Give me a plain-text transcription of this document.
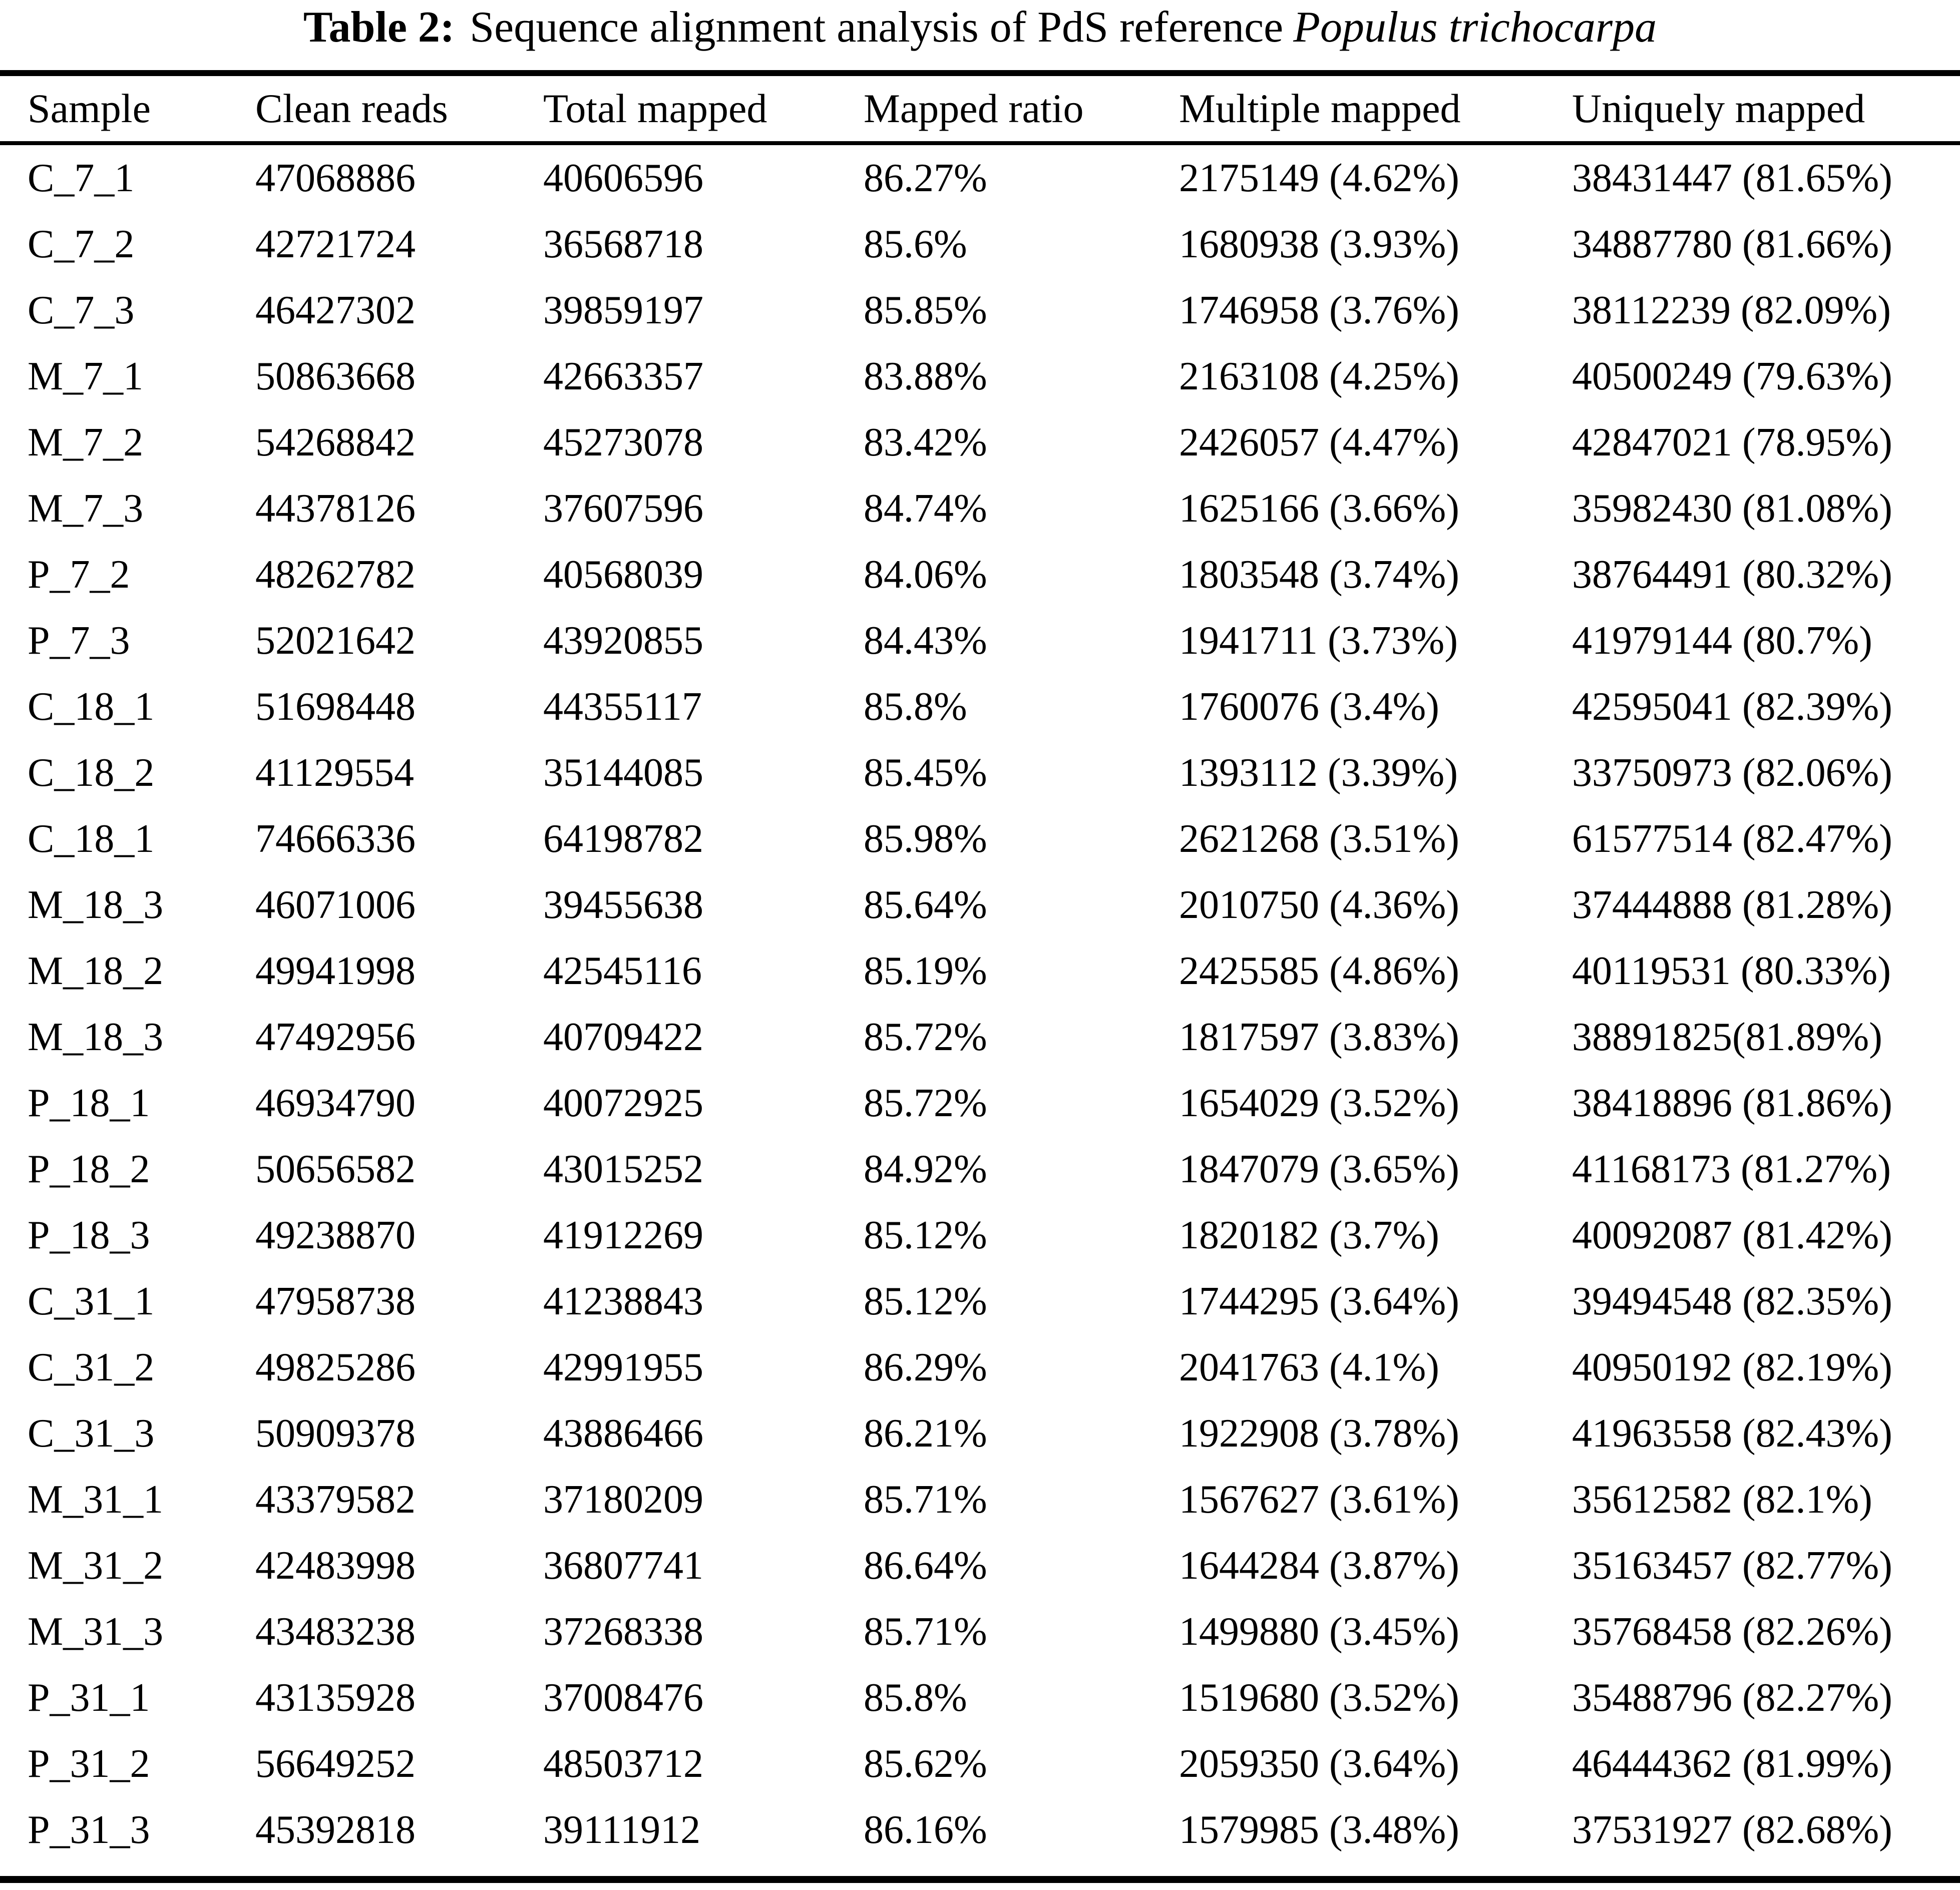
Table 2: Sequence alignment analysis of PdS reference Populus trichocarpa
Sample	Clean reads	Total mapped	Mapped ratio	Multiple mapped	Uniquely mapped
C_7_1	47068886	40606596	86.27%	2175149 (4.62%)	38431447 (81.65%)
C_7_2	42721724	36568718	85.6%	1680938 (3.93%)	34887780 (81.66%)
C_7_3	46427302	39859197	85.85%	1746958 (3.76%)	38112239 (82.09%)
M_7_1	50863668	42663357	83.88%	2163108 (4.25%)	40500249 (79.63%)
M_7_2	54268842	45273078	83.42%	2426057 (4.47%)	42847021 (78.95%)
M_7_3	44378126	37607596	84.74%	1625166 (3.66%)	35982430 (81.08%)
P_7_2	48262782	40568039	84.06%	1803548 (3.74%)	38764491 (80.32%)
P_7_3	52021642	43920855	84.43%	1941711 (3.73%)	41979144 (80.7%)
C_18_1	51698448	44355117	85.8%	1760076 (3.4%)	42595041 (82.39%)
C_18_2	41129554	35144085	85.45%	1393112 (3.39%)	33750973 (82.06%)
C_18_1	74666336	64198782	85.98%	2621268 (3.51%)	61577514 (82.47%)
M_18_3	46071006	39455638	85.64%	2010750 (4.36%)	37444888 (81.28%)
M_18_2	49941998	42545116	85.19%	2425585 (4.86%)	40119531 (80.33%)
M_18_3	47492956	40709422	85.72%	1817597 (3.83%)	38891825(81.89%)
P_18_1	46934790	40072925	85.72%	1654029 (3.52%)	38418896 (81.86%)
P_18_2	50656582	43015252	84.92%	1847079 (3.65%)	41168173 (81.27%)
P_18_3	49238870	41912269	85.12%	1820182 (3.7%)	40092087 (81.42%)
C_31_1	47958738	41238843	85.12%	1744295 (3.64%)	39494548 (82.35%)
C_31_2	49825286	42991955	86.29%	2041763 (4.1%)	40950192 (82.19%)
C_31_3	50909378	43886466	86.21%	1922908 (3.78%)	41963558 (82.43%)
M_31_1	43379582	37180209	85.71%	1567627 (3.61%)	35612582 (82.1%)
M_31_2	42483998	36807741	86.64%	1644284 (3.87%)	35163457 (82.77%)
M_31_3	43483238	37268338	85.71%	1499880 (3.45%)	35768458 (82.26%)
P_31_1	43135928	37008476	85.8%	1519680 (3.52%)	35488796 (82.27%)
P_31_2	56649252	48503712	85.62%	2059350 (3.64%)	46444362 (81.99%)
P_31_3	45392818	39111912	86.16%	1579985 (3.48%)	37531927 (82.68%)
